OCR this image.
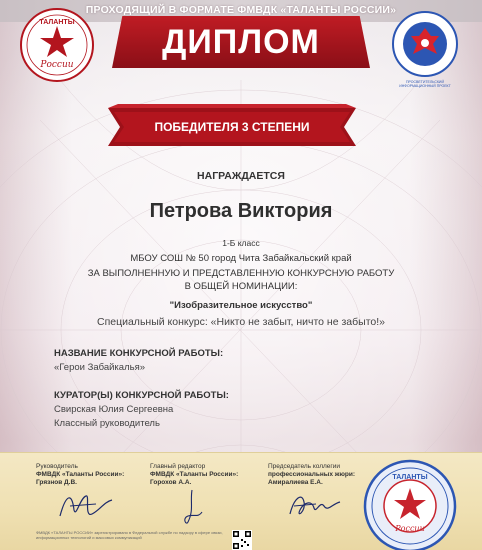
ПРОХОДЯЩИЙ В ФОРМАТЕ ФМВДК «ТАЛАНТЫ РОССИИ»
ТАЛАНТЫ
России
ДИПЛОМ
ПРОСВЕТИТЕЛЬСКИЙ ИНФОРМАЦИОННЫЙ ПРОЕКТ
ПОБЕДИТЕЛЯ 3 СТЕПЕНИ
НАГРАЖДАЕТСЯ
Петрова Виктория
1-Б класс
МБОУ СОШ № 50 город Чита Забайкальский край
ЗА ВЫПОЛНЕННУЮ И ПРЕДСТАВЛЕННУЮ КОНКУРСНУЮ РАБОТУ
В ОБЩЕЙ НОМИНАЦИИ:
"Изобразительное искусство"
Специальный конкурс: «Никто не забыт, ничто не забыто!»
НАЗВАНИЕ КОНКУРСНОЙ РАБОТЫ:
«Герои Забайкалья»
КУРАТОР(Ы) КОНКУРСНОЙ РАБОТЫ:
Свирская Юлия Сергеевна
Классный руководитель
Руководитель
ФМВДК «Таланты России»:
Грязнов Д.В.
Главный редактор
ФМВДК «Таланты России»:
Горохов А.А.
Председатель коллегии
профессиональных жюри:
Амиралиева Е.А.
ФМВДК «ТАЛАНТЫ РОССИИ» зарегистрировано в Федеральной службе по надзору в сфере связи, информационных технологий и массовых коммуникаций
ТАЛАНТЫ
России
